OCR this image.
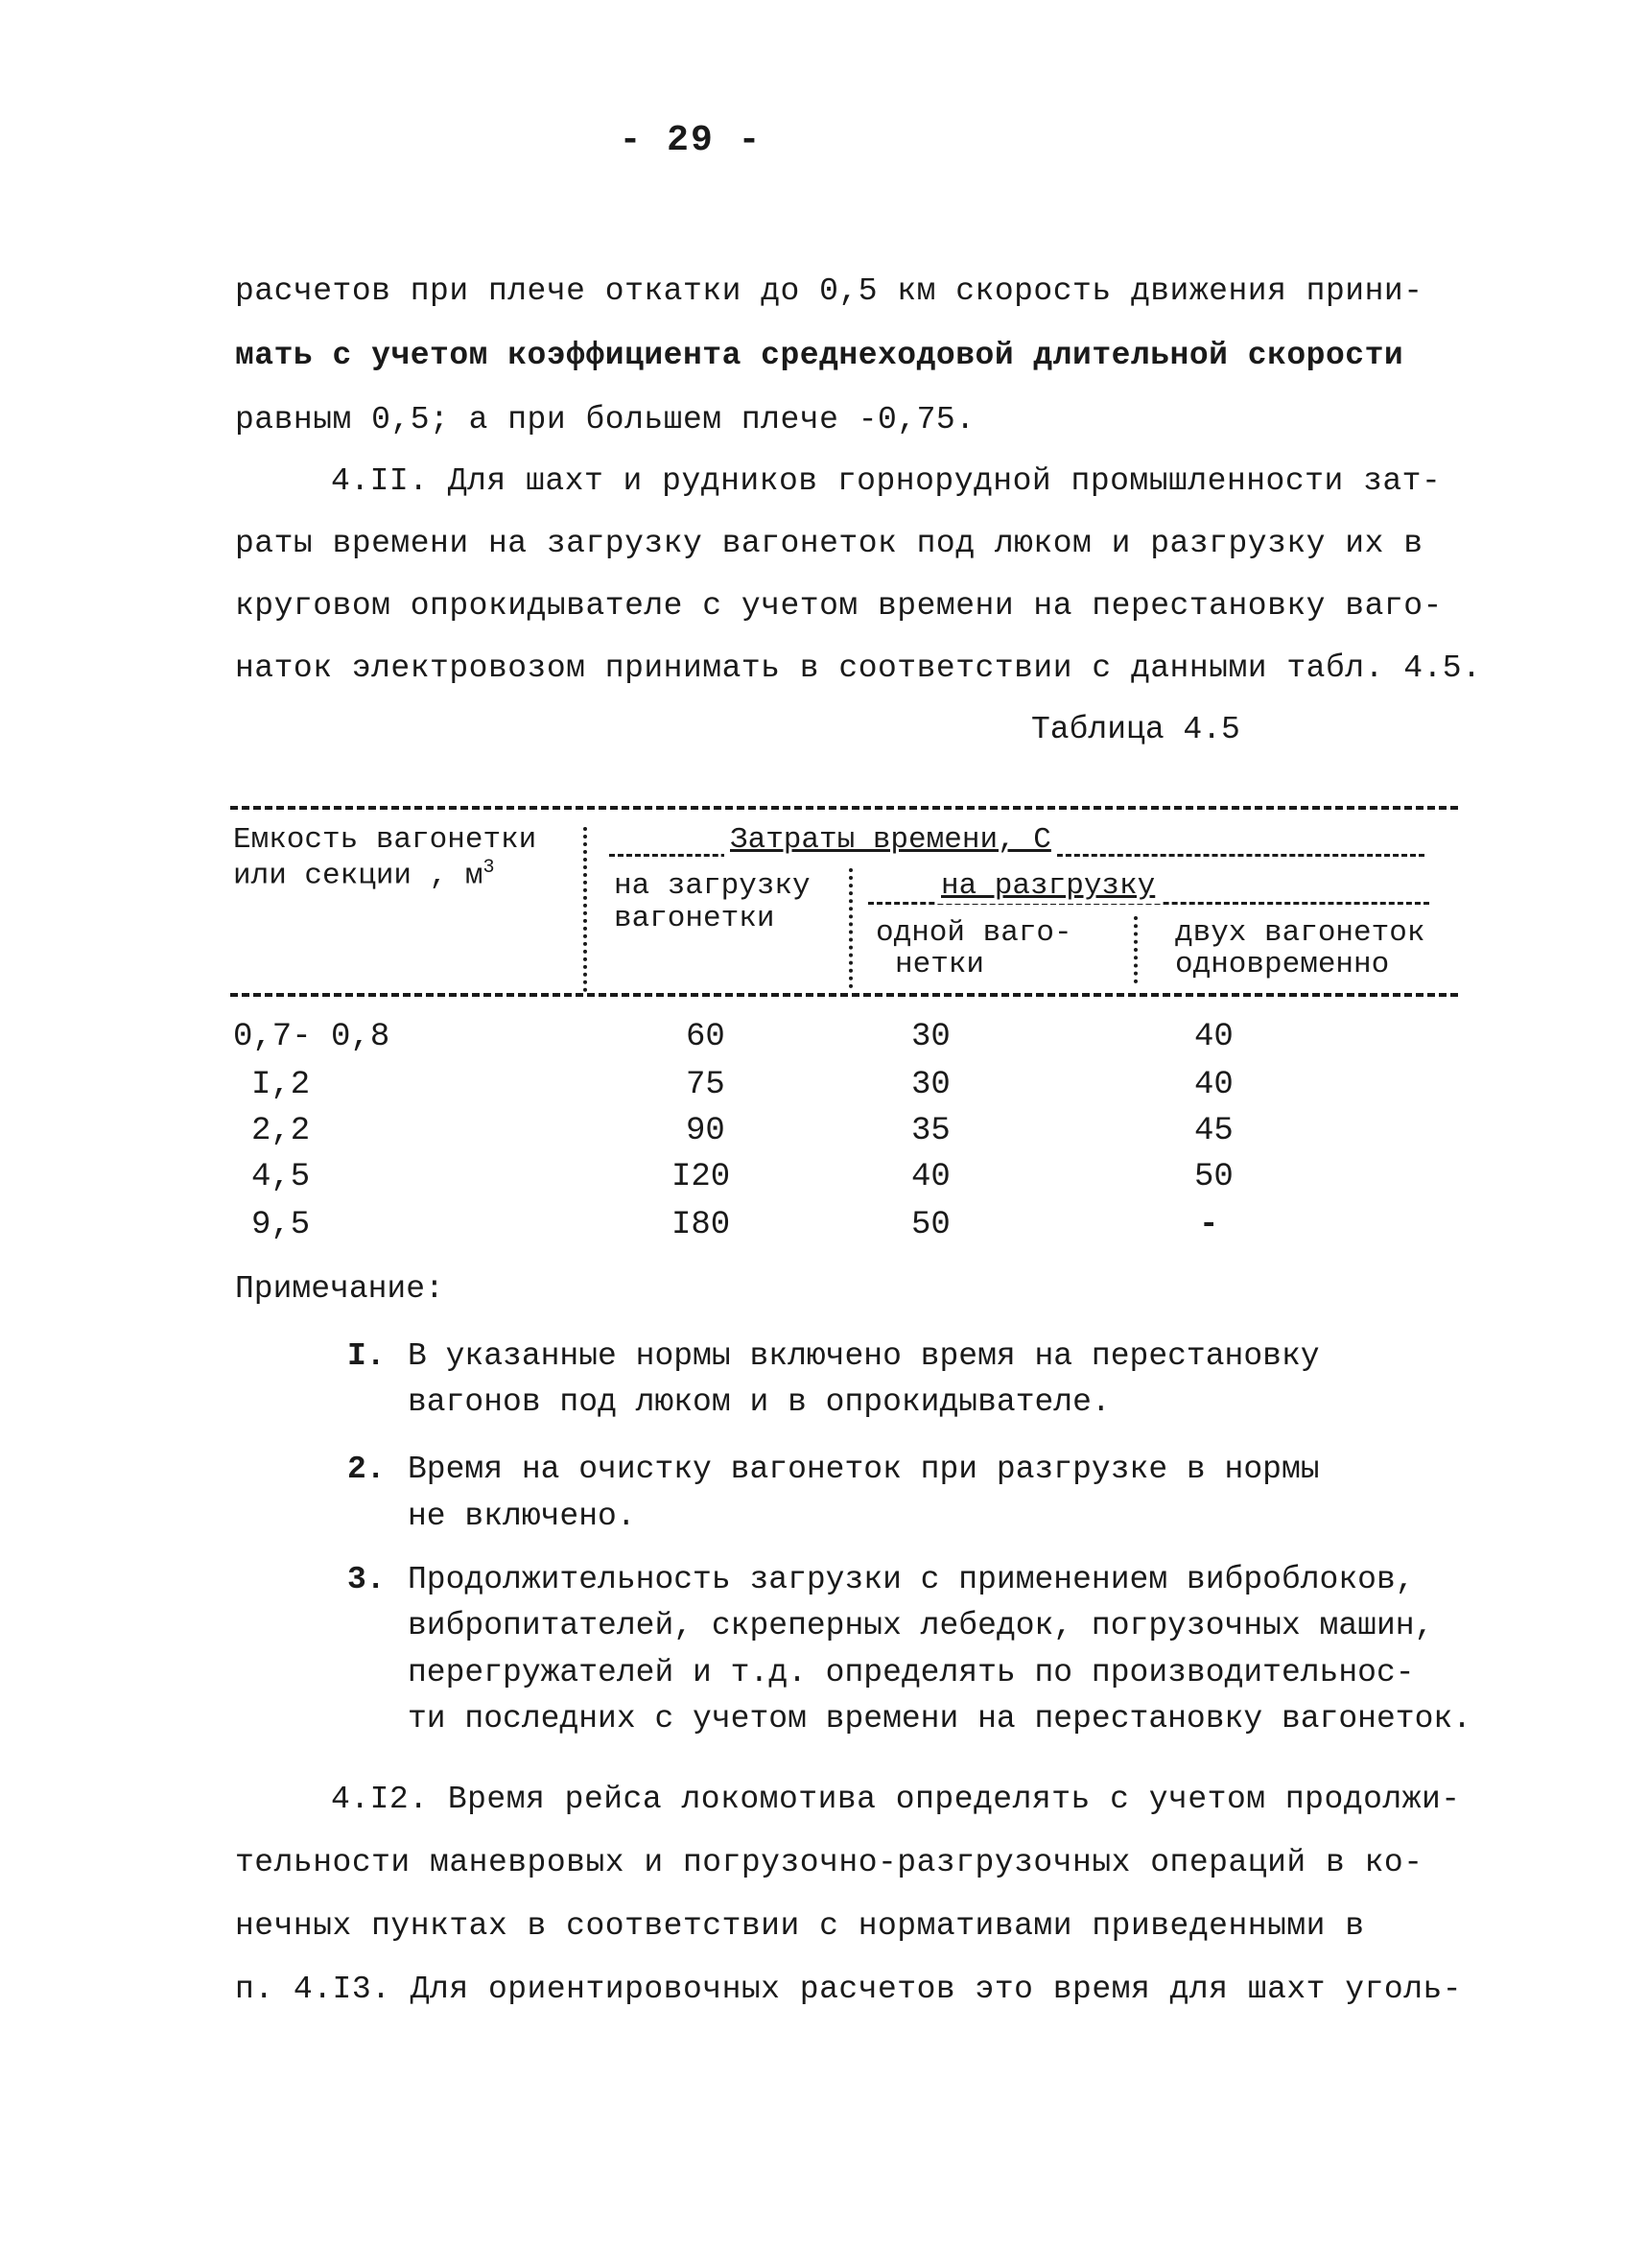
- 29 -
расчетов при плече откатки до 0,5 км скорость движения прини-
мать с учетом коэффициента среднеходовой длительной скорости
равным 0,5; а при большем плече -0,75.
4.II. Для шахт и рудников горнорудной промышленности зат-
раты времени на загрузку вагонеток под люком и разгрузку их в
круговом опрокидывателе с учетом времени на перестановку ваго-
наток электровозом принимать в соответствии с данными табл. 4.5.
Таблица 4.5
Емкость вагонетки
или секции , $м^3$
Затраты времени, С
на загрузку
вагонетки
на разгрузку
одной ваго-
нетки
двух вагонеток
одновременно
0,7- 0,8	60	30	40
I,2	75	30	40
2,2	90	35	45
4,5	I20	40	50
9,5	I80	50	-
Примечание:
I. В указанные нормы включено время на перестановку
вагонов под люком и в опрокидывателе.
2. Время на очистку вагонеток при разгрузке в нормы
не включено.
3. Продолжительность загрузки с применением виброблоков,
вибропитателей, скреперных лебедок, погрузочных машин,
перегружателей и т.д. определять по производительнос-
ти последних с учетом времени на перестановку вагонеток.
4.I2. Время рейса локомотива определять с учетом продолжи-
тельности маневровых и погрузочно-разгрузочных операций в ко-
нечных пунктах в соответствии с нормативами приведенными в
п. 4.I3. Для ориентировочных расчетов это время для шахт уголь-
